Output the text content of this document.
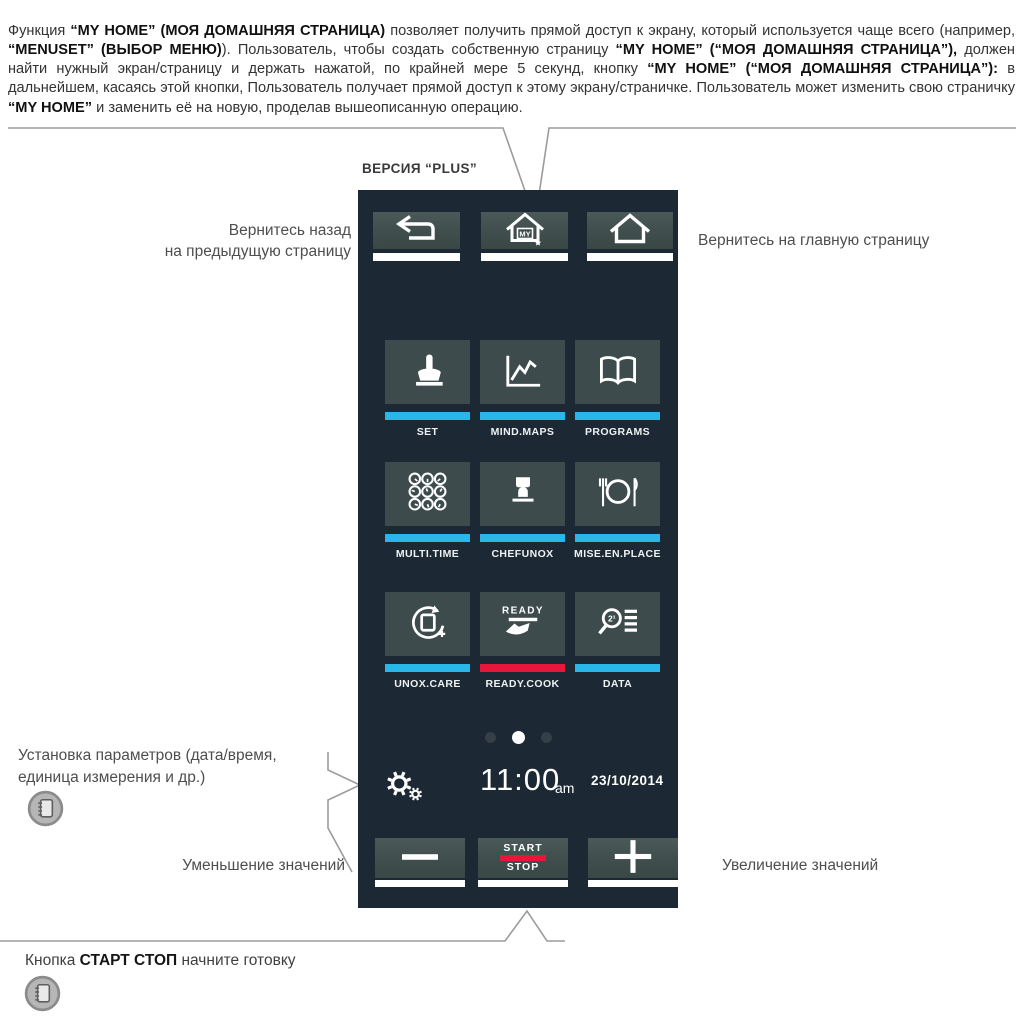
Функция “MY HOME” (МОЯ ДОМАШНЯЯ СТРАНИЦА) позволяет получить прямой доступ к экрану, который используется чаще всего (например, “MENUSET” (ВЫБОР МЕНЮ)). Пользователь, чтобы создать собственную страницу “MY HOME” (“МОЯ ДОМАШНЯЯ СТРАНИЦА”), должен найти нужный экран/страницу и держать нажатой, по крайней мере 5 секунд, кнопку “MY HOME” (“МОЯ ДОМАШНЯЯ СТРАНИЦА”): в дальнейшем, касаясь этой кнопки, Пользователь получает прямой доступ к этому экрану/страничке. Пользователь может изменить свою страничку “MY HOME” и заменить её на новую, проделав вышеописанную операцию.

ВЕРСИЯ “PLUS”
MY
SET	MIND.MAPS	PROGRAMS
MULTI.TIME	CHEFUNOX	MISE.EN.PLACE
UNOX.CARE
READY
READY.COOK
2¹
DATA
11:00
am 23/10/2014
START
STOP
Вернитесь назад
на предыдущую страницу
Вернитесь на главную страницу
Установка параметров (дата/время,
единица измерения и др.)
Уменьшение значений	Увеличение значений
Кнопка СТАРТ СТОП начните готовку
